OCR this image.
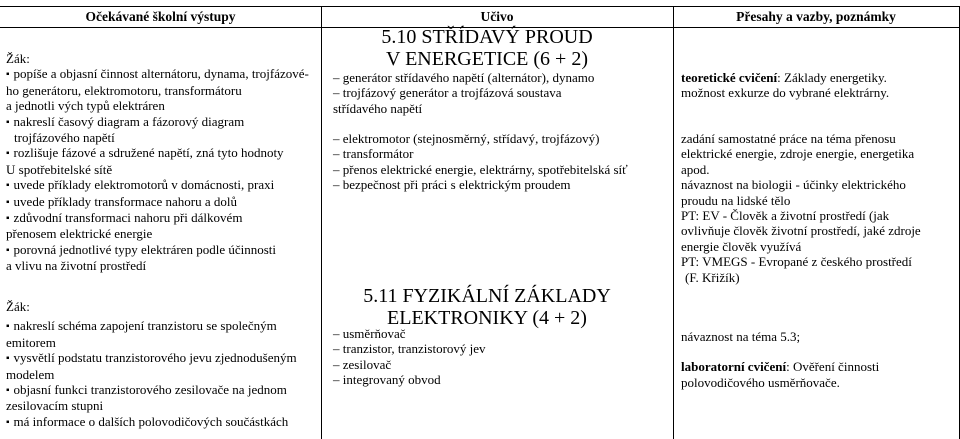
Očekávané školní výstupy	Učivo	Přesahy a vazby, poznámky
5.10 STŘÍDAVÝ PROUD
V ENERGETICE (6 + 2)
Žák:
▪ popíše a objasní činnost alternátoru, dynama, trojfázové-
ho generátoru, elektromotoru, transformátoru
a jednotli vých typů elektráren
▪ nakreslí časový diagram a fázorový diagram
trojfázového napětí
▪ rozlišuje fázové a sdružené napětí, zná tyto hodnoty
U spotřebitelské sítě
▪ uvede příklady elektromotorů v domácnosti, praxi
▪ uvede příklady transformace nahoru a dolů
▪ zdůvodní transformaci nahoru při dálkovém
přenosem elektrické energie
▪ porovná jednotlivé typy elektráren podle účinnosti
a vlivu na životní prostředí
– generátor střídavého napětí (alternátor), dynamo
– trojfázový generátor a trojfázová soustava
střídavého napětí
– elektromotor (stejnosměrný, střídavý, trojfázový)
– transformátor
– přenos elektrické energie, elektrárny, spotřebitelská síť
– bezpečnost při práci s elektrickým proudem
teoretické cvičení: Základy energetiky.
možnost exkurze do vybrané elektrárny.
zadání samostatné práce na téma přenosu
elektrické energie, zdroje energie, energetika
apod.
návaznost na biologii - účinky elektrického
proudu na lidské tělo
PT: EV - Člověk a životní prostředí (jak
ovlivňuje člověk životní prostředí, jaké zdroje
energie člověk využívá
PT: VMEGS - Evropané z českého prostředí
(F. Křižík)
5.11 FYZIKÁLNÍ ZÁKLADY
ELEKTRONIKY (4 + 2)
Žák:
▪ nakreslí schéma zapojení tranzistoru se společným
emitorem
▪ vysvětlí podstatu tranzistorového jevu zjednodušeným
modelem
▪ objasní funkci tranzistorového zesilovače na jednom
zesilovacím stupni
▪ má informace o dalších polovodičových součástkách
– usměrňovač
– tranzistor, tranzistorový jev
– zesilovač
– integrovaný obvod
návaznost na téma 5.3;
laboratorní cvičení: Ověření činnosti
polovodičového usměrňovače.
